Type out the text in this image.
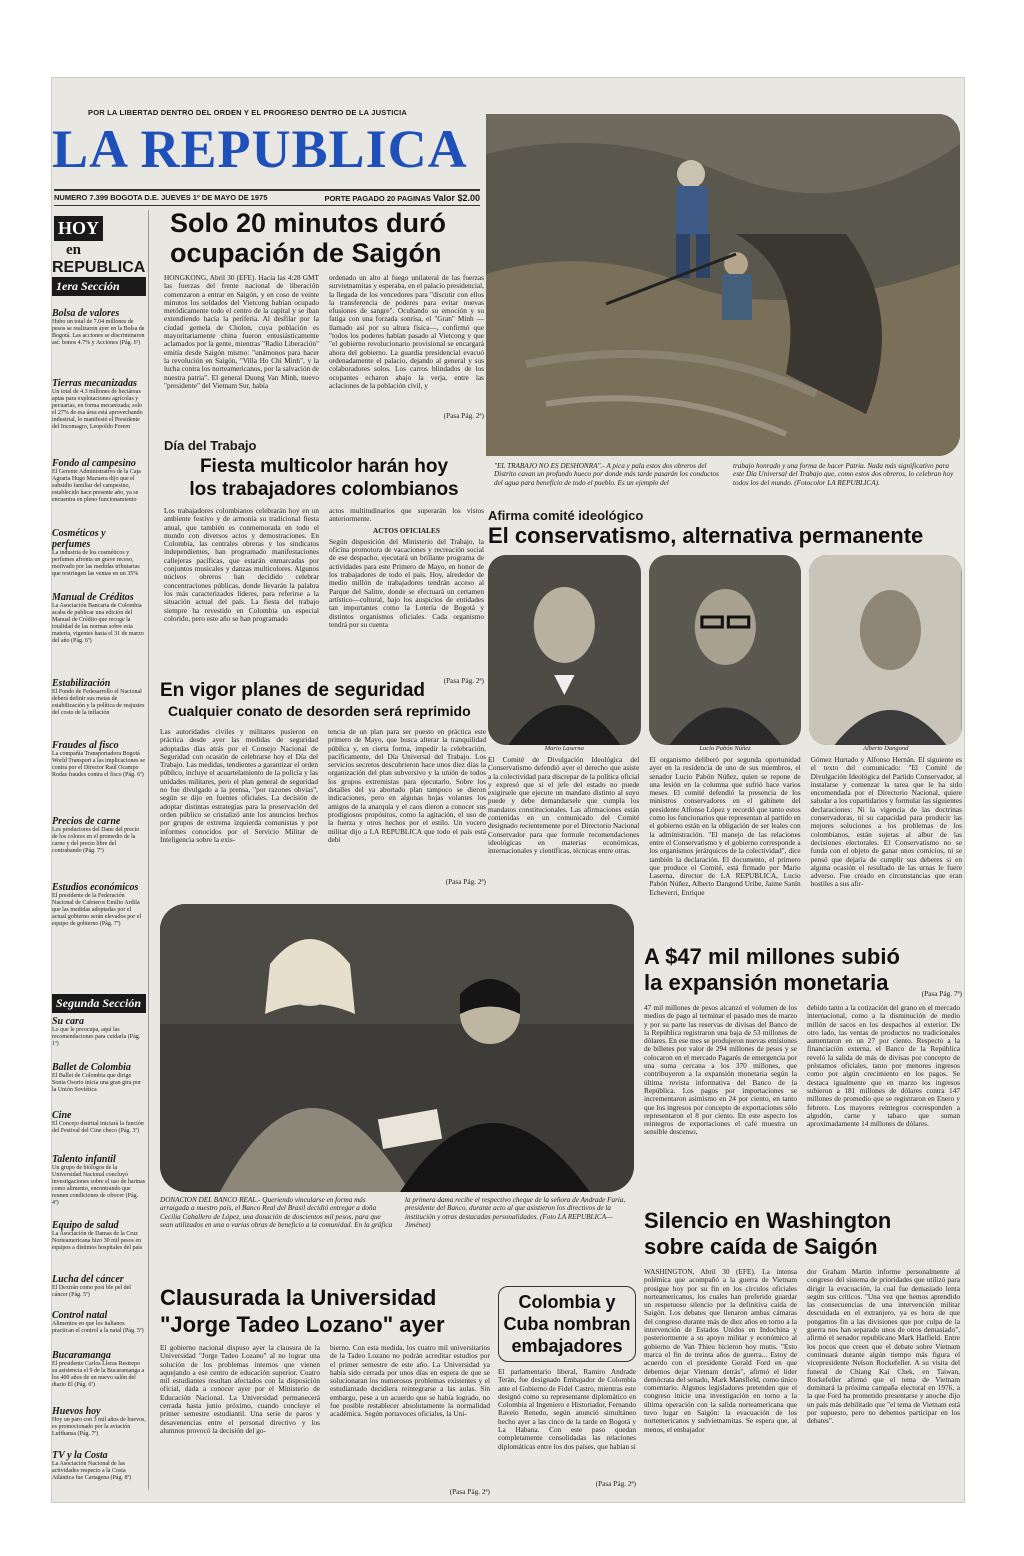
POR LA LIBERTAD DENTRO DEL ORDEN Y EL PROGRESO DENTRO DE LA JUSTICIA
LA REPUBLICA
NUMERO 7.399 BOGOTA D.E. JUEVES 1º DE MAYO DE 1975	PORTE PAGADO 20 PAGINAS Valor $2.00
HOY
en

REPUBLICA
1era Sección
Bolsa de valores
Hubo un total de 7.04 millones de pesos se realizaron ayer en la Bolsa de Bogotá. Las acciones se discriminaron así: bonos 4.7% y Acciones (Pág. 6ª)
Tierras mecanizadas
Un total de 4.3 millones de hectáreas aptas para explotaciones agrícolas y pecuarias, en forma mecanizada; solo el 27% de esa área está aprovechando industrial, lo manifestó el Presidente del Incomagro, Leopoldo Forero
Fondo al campesino
El Gerente Administrativo de la Caja Agraria Hugo Mazuera dijo que el subsidio familiar del campesino, establecido hace presente año, ya se encuentra en pleno funcionamiento
Cosméticos y perfumes
La industria de los cosméticos y perfumes afronta un grave receso, motivado por las medidas tributarias que restringen las ventas en un 35%
Manual de Créditos
La Asociación Bancaria de Colombia acaba de publicar una edición del Manual de Crédito que recoge la totalidad de las normas sobre esta materia, vigentes hasta el 31 de marzo del año (Pág. 6ª)
Estabilización
El Fondo de Fedesarrollo el Nacional deberá definir sus metas de estabilización y la política de reajustes del costo de la inflación
Fraudes al fisco
La compañía Transportadora Bogotá World Transport a las implicaciones se contra por el Director Raúl Ocampo Rodas fraudes contra el fisco (Pág. 6ª)
Precios de carne
Los productores del Dane del precio de los colores en el promedio de la carne y del precio libre del contrabando (Pág. 7ª)
Estudios económicos
El presidente de la Federación Nacional de Cafeteros Emilio Ardila que las medidas adoptadas por el actual gobierno serán elevados por el equipo de gobierno (Pág. 7ª)
Segunda Sección
Su cara
Lo que le preocupa, aquí las recomendaciones para cuidarla (Pág. 1ª)
Ballet de Colombia
El Ballet de Colombia que dirige Sonia Osorio inicia una gran gira por la Unión Soviética
Cine
El Concejo distrital iniciará la función del Festival del Cine checo (Pág. 3ª)
Talento infantil
Un grupo de biólogos de la Universidad Nacional concluyó investigaciones sobre el uso de harinas como alimento, encontrando que reunen condiciones de ofrecer (Pág. 4ª)
Equipo de salud
La Asociación de Damas de la Cruz Norteamericana hizo 30 mil pesos en equipos a distintos hospitales del país
Lucha del cáncer
El Dextrán como posi ble pel del cáncer (Pág. 5ª)
Control natal
Alimentos en que los italianos practican el control a la natal (Pág. 5ª)
Bucaramanga
El presidente Carlos Lleras Restrepo su asistencia el 9 de la Bucaramanga a los 400 años de un nuevo salón del diario El (Pág. 6ª)
Huevos hoy
Hoy un paro con 3 mil años de huevos, es promocionado por la aviación Lufthansa (Pág. 7ª)
TV y la Costa
La Asociación Nacional de las actividades respecto a la Costa Atlántica fue Cartagena (Pág. 8ª)
Solo 20 minutos duró
ocupación de Saigón
HONGKONG, Abril 30 (EFE). Hacia las 4:28 GMT las fuerzas del frente nacional de liberación comenzaron a entrar en Saigón, y en coso de veinte minutos los soldados del Vietcong habían ocupado metódicamente todo el centro de la capital y se iban extendiendo hacia la periferia. Al desfilar por la ciudad gemela de Cholon, cuya población es mayoritariamente china fueron entusiásticamente aclamados por la gente, mientras "Radio Liberación" emitía desde Saigón mismo: "unámonos para hacer la revolución en Saigón, "Villa Ho Chi Minh", y la lucha contra los norteamericanos, por la salvación de nuestra patria". El general Duong Van Minh, nuevo "presidente" del Vietnam Sur, había
ordenado un alto al fuego unilateral de las fuerzas survietnamitas y esperaba, en el palacio presidencial, la llegada de los vencedores para "discutir con ellos la transferencia de poderes para evitar nuevas efusiones de sangre". Ocultando su emoción y su fatiga con una forzada sonrisa, el "Gran" Minh —llamado así por su altura física—, confirmó que "todos los poderes habían pasado al Vietcong y que "el gobierno revolucionario provisional se encargará ahora del gobierno. La guardia presidencial evacuó ordenadamente el palacio, dejando al general y sus colaboradores solos. Los carros blindados de los ocupantes echaron abajo la verja, entre las aclaciones de la población civil, y
(Pasa Pág. 2ª)
"EL TRABAJO NO ES DESHONRA".- A pica y pala estos dos obreros del Distrito cavan un profundo hueco por donde más tarde pasarán los conductos del agua para beneficio de todo el pueblo. Es un ejemplo del
trabajo honrado y una forma de hacer Patria. Nada más significativo para este Día Universal del Trabajo que, como estos dos obreros, lo celebran hoy todos los del mundo. (Fotocolor LA REPUBLICA).
Día del Trabajo
Fiesta multicolor harán hoy
los trabajadores colombianos
Los trabajadores colombianos celebrarán hoy en un ambiente festivo y de armonía su tradicional fiesta anual, que también es conmemorada en todo el mundo con diversos actos y demostraciones. En Colombia, las centrales obreras y los sindicatos independientes, han programado manifestaciones callejeras pacíficas, que estarán enmarcadas por conjuntos musicales y danzas multicolores. Algunos núcleos obreros han decidido celebrar concentraciones públicas, donde llevarán la palabra los más caracterizados líderes, para referirse a la situación actual del país. La fiesta del trabajo siempre ha revestido en Colombia un especial colorido, pero este año se han programado
actos multitudinarios que superarán los vistos anteriormente.
ACTOS OFICIALES
Según disposición del Ministerio del Trabajo, la oficina promotora de vacaciones y recreación social de ese despacho, ejecutará un brillante programa de actividades para este Primero de Mayo, en honor de los trabajadores de todo el país. Hoy, alrededor de medio millón de trabajadores tendrán acceso al Parque del Salitre, donde se efectuará un certamen artístico—cultural, bajo los auspicios de entidades tan importantes como la Lotería de Bogotá y distintos organismos oficiales. Cada organismo tendrá por su cuenta
(Pasa Pág. 2ª)
Afirma comité ideológico
El conservatismo, alternativa permanente
Mario Laserna	Lucio Pabón Núñez	Alberto Dangond
El Comité de Divulgación Ideológica del Conservatismo defendió ayer el derecho que asiste a la colectividad para discrepar de la política oficial y expresó que si el jefe del estado no puede exigirsele que ejecute un mandato distinto al suyo puede y debe demandarsele que cumpla los mandatos constitucionales. Las afirmaciones están contenidas en un comunicado del Comité designado recientemente por el Directorio Nacional Conservador para que formule recomendaciones ideológicas en materias económicas, internacionales y científicas, técnicas entre otras.
El organismo deliberó por segunda oportunidad ayer en la residencia de uno de sus miembros, el senador Lucio Pabón Núñez, quien se repone de una lesión en la columna que sufrió hace varios meses. El comité defendió la presencia de los ministros conservadores en el gabinete del presidente Alfonso López y recordó que tanto estos como los funcionarios que representan al partido en el gobierno están en la obligación de ser leales con la administración. "El manejo de las relaciones entre el Conservatismo y el gobierno corresponde a los organismos jerárquicos de la colectividad", dice también la declaración. El documento, el primero que produce el Comité, está firmado por Mario Laserna, director de LA REPUBLICA, Lucio Pabón Núñez, Alberto Dangond Uribe, Jaime Sanín Echeverri, Enrique
Gómez Hurtado y Alfonso Hernán. El siguiente es el texto del comunicado: "El Comité de Divulgación Ideológica del Partido Conservador, al instalarse y comenzar la tarea que le ha sido encomendada por el Directorio Nacional, quiere saludar a los copartidarios y formular las siguientes declaraciones: Ni la vigencia de las doctrinas conservadoras, ni su capacidad para producir las mejores soluciones a los problemas de los colombianos, están sujetas al albur de las decisiones electorales. El Conservatismo no se funda con el objeto de ganar unos comicios, ni se pensó que dejaría de cumplir sus deberes si en alguna ocasión el resultado de las urnas le fuere adverso. Fue creado en circunstancias que eran hostiles a sus afir-
(Pasa Pág. 7ª)
En vigor planes de seguridad
Cualquier conato de desorden será reprimido
Las autoridades civiles y militares pusieron en práctica desde ayer las medidas de seguridad adoptadas días atrás por el Consejo Nacional de Seguridad con ocasión de celebrarse hoy el Día del Trabajo. Las medidas, tendientes a garantizar el orden público, incluye el acuartelamiento de la policía y las unidades militares, pero el plan general de seguridad no fue divulgado a la prensa, "por razones obvias", según se dijo en fuentes oficiales. La decisión de adoptar distintas estrategias para la preservación del orden público se cristalizó ante los anuncios hechos por grupos de extrema izquierda comunistas y por informes conocidos por el Servicio Militar de Inteligencia sobre la exis-
tencia de un plan para ser puesto en práctica este primero de Mayo, que busca alterar la tranquilidad pública y, en cierta forma, impedir la celebración, pacíficamente, del Día Universal del Trabajo. Los servicios secretos descubrieron hace unos diez días la organización del plan subversivo y la unión de todos los grupos extremistas para ejecutarlo. Sobre los detalles del ya abortado plan tampoco se dieron indicaciones, pero en algunas hojas volantes los amigos de la anarquía y el caos dieron a conocer sus prodigiosos propósitos, como la agitación, el uso de la fuerza y otros hechos por el estilo. Un vocero militar dijo a LA REPUBLICA que todo el país está debi
(Pasa Pág. 2ª)
DONACION DEL BANCO REAL.- Queriendo vincularse en forma más arraigada a nuestro país, el Banco Real del Brasil decidió entregar a doña Cecilia Caballero de López, una donación de doscientos mil pesos, para que sean utilizados en una o varias obras de beneficio a la comunidad. En la gráfica la primera dama recibe el respectivo cheque de la señora de Andrade Faria, presidente del Banco, durante acto al que asistieron los directivos de la institución y otras destacadas personalidades. (Foto LA REPUBLICA—Jiménez)
A $47 mil millones subió
la expansión monetaria
47 mil millones de pesos alcanzó el volumen de los medios de pago al terminar el pasado mes de marzo y por su parte las reservas de divisas del Banco de la República registraron una baja de 53 millones de dólares. En ese mes se produjeron nuevas emisiones de billetes por valor de 294 millones de pesos y se colocaron en el mercado Pagarés de emergencia por una suma cercana a los 370 millones, que contribuyeron a la expansión monetaria según la última revista informativa del Banco de la República. Los pagos por importaciones se incrementaron asimismo en 24 por ciento, en tanto que los ingresos por concepto de exportaciones sólo representaron el 8 por ciento. En este aspecto los reintegros de exportaciones el café muestra un sensible descenso,
debido tanto a la cotización del grano en el mercado internacional, como a la disminución de medio millón de sacos en los despachos al exterior. De otro lado, las ventas de productos no tradicionales aumentaron en un 27 por ciento. Respecto a la financiación externa, el Banco de la República reveló la salida de más de divisas por concepto de préstamos oficiales, tanto por menores ingresos como por algún crecimiento en los pagos. Se destaca igualmente que en marzo los ingresos subieron a 181 millones de dólares contra 147 millones de promedio que se registraron en Enero y febrero. Los mayores reintegros corresponden a algodón, carne y tabaco que suman aproximadamente 14 millones de dólares.
Silencio en Washington
sobre caída de Saigón
WASHINGTON, Abril 30 (EFE). La intensa polémica que acompañó a la guerra de Vietnam prosigue hoy por su fin en los círculos oficiales norteamericanos, los cuales han preferido guardar un respetuoso silencio por la definitiva caída de Saigón. Los debates que llenaron ambas cámaras del congreso durante más de diez años en torno a la intervención de Estados Unidos en Indochina y posteriormente a su apoyo militar y económico al gobierno de Van Thieu hicieron hoy mutis. "Esto marca el fin de treinta años de guerra... Estoy de acuerdo con el presidente Gerald Ford en que debemos dejar Vietnam detrás", afirmó el líder demócrata del senado, Mark Mansfield, como único comentario. Algunos legisladores pretenden que el congreso inicie una investigación en torno a la última operación con la salida norteamericana que tuvo lugar en Saigón: la evacuación de los nortemericanos y sudvietnamitas. Se espera que, al menos, el embajador
dor Graham Martin informe personalmente al congreso del sistema de prioridades que utilizó para dirigir la evacuación, la cual fue demasiado lenta según sus críticos. "Una vez que hemos aprendido las consecuencias de una intervención militar descuidada en el extranjero, ya es hora de que pongamos fin a las divisiones que por culpa de la guerra nos han separado unos de otros demasiado", afirmó el senador republicano Mark Hatfield. Entre los pocos que creen que el debate sobre Vietnam continuará durante algún tiempo más figura el vicepresidente Nelson Rockefeller. A su visita del funeral de Chiang Kai Chek, en Taiwan, Rockefeller afirmó que el tema de Vietnam dominará la próxima campaña electoral en 1976, a la que Ford ha prometido presentarse y anoche dijo un país más debilitado que "el tema de Vietnam está por supuesto, pero no debemos participar en los debates".
Clausurada la Universidad
"Jorge Tadeo Lozano" ayer
El gobierno nacional dispuso ayer la clausura de la Universidad "Jorge Tadeo Lozano" al no lograr una solución de los problemas internos que vienen aquejando a ese centro de educación superior. Cuatro mil estudiantes resultan afectados con la disposición oficial, dada a conocer ayer por el Ministerio de Educación Nacional. La Universidad permanecerá cerrada hasta junio próximo, cuando concluye el primer semestre estudiantil. Una serie de paros y desavenencias entre el personal directivo y los alumnos provocó la decisión del go-
bierno. Con esta medida, los cuatro mil universitarios de la Tadeo Lozano no podrán acreditar estudios por el primer semestre de este año. La Universidad ya había sido cerrada por unos días en espera de que se solucionaran los numerosos problemas existentes y el estudiantado decidiera reintegrarse a las aulas. Sin embargo, pese a un acuerdo que se había logrado, no fue posible restablecer absolutamente la normalidad académica. Según portavoces oficiales, la Uni-
(Pasa Pág. 2ª)
Colombia y
Cuba nombran
embajadores
El parlamentario liberal, Ramiro Andrade Terán, fue designado Embajador de Colombia ante el Gobierno de Fidel Castro, mientras este designó como su representante diplomático en Colombia al Ingeniero e Historiador, Fernando Ravelo Renedo, según anunció simultáneo hecho ayer a las cinco de la tarde en Bogotá y La Habana. Con este paso quedan completamente consolidadas las relaciones diplomáticas entre los dos países, que habían si
(Pasa Pág. 2ª)
